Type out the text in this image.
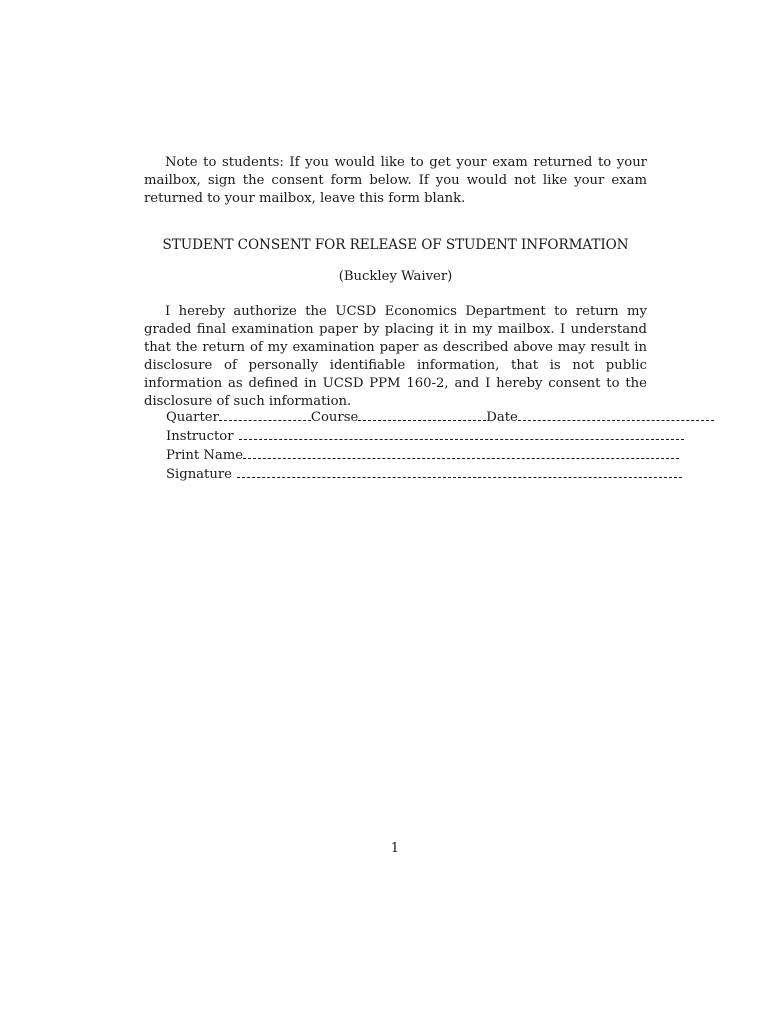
Note to students: If you would like to get your exam returned to your mailbox, sign the consent form below. If you would not like your exam returned to your mailbox, leave this form blank.

STUDENT CONSENT FOR RELEASE OF STUDENT INFORMATION

(Buckley Waiver)

I hereby authorize the UCSD Economics Department to return my graded final examination paper by placing it in my mailbox. I understand that the return of my examination paper as described above may result in disclosure of personally identifiable information, that is not public information as defined in UCSD PPM 160-2, and I hereby consent to the disclosure of such information.

Quarter	Course	Date
Instructor
Print Name
Signature
1
